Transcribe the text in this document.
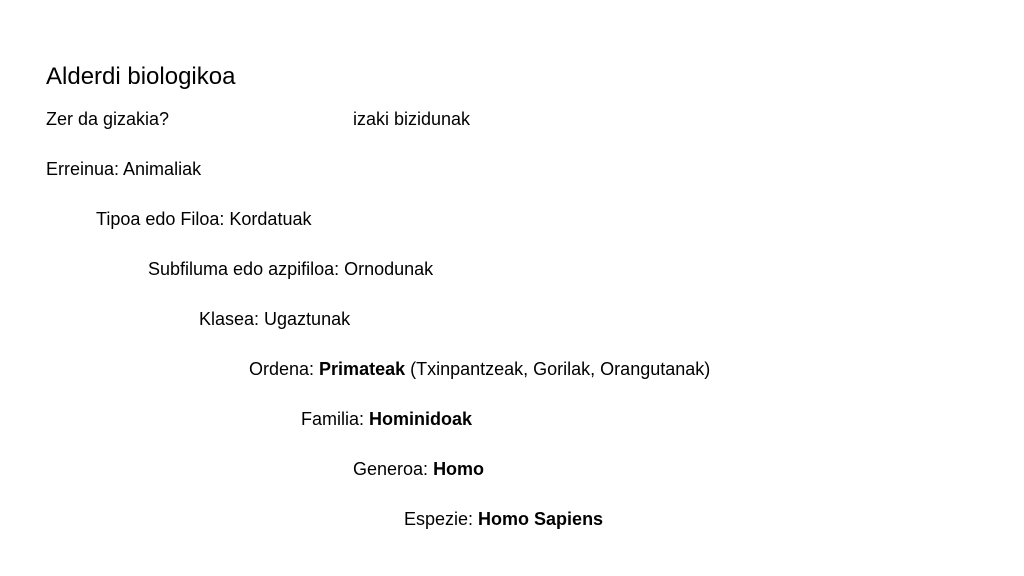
Alderdi biologikoa
Zer da gizakia?	izaki bizidunak
Erreinua: Animaliak
Tipoa edo Filoa: Kordatuak
Subfiluma edo azpifiloa: Ornodunak
Klasea: Ugaztunak
Ordena: Primateak (Txinpantzeak, Gorilak, Orangutanak)
Familia: Hominidoak
Generoa: Homo
Espezie: Homo Sapiens
